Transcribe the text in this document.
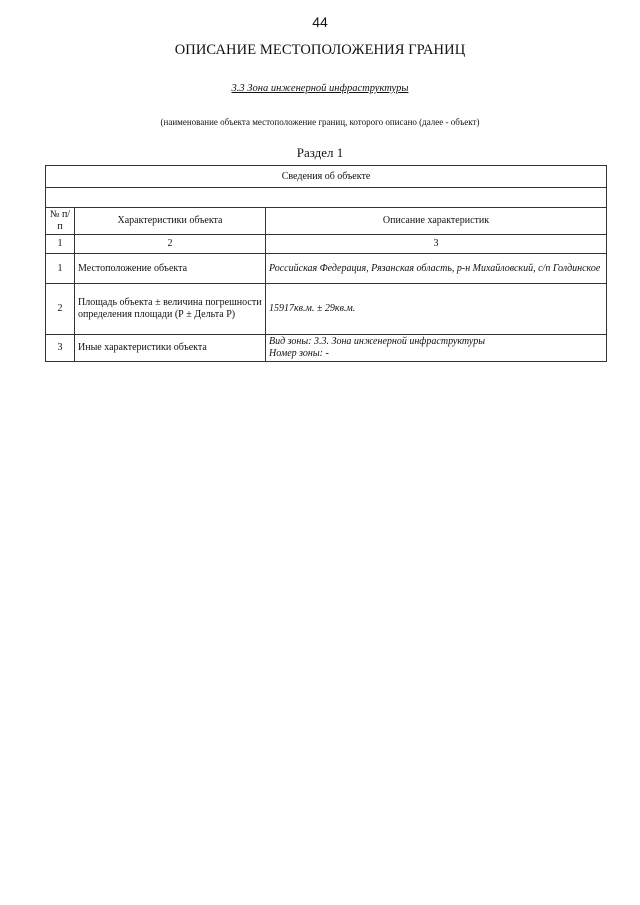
44
ОПИСАНИЕ МЕСТОПОЛОЖЕНИЯ ГРАНИЦ
3.3 Зона инженерной инфраструктуры
(наименование объекта местоположение границ, которого описано (далее - объект)
Раздел 1
Сведения об объекте		

№ п/п	Характеристики объекта	Описание характеристик
1	2	3
1	Местоположение объекта	Российская Федерация, Рязанская область, р-н Михайловский, с/п Голдинское
2	Площадь объекта ± величина погрешности определения площади (Р ± Дельта Р)	15917кв.м. ± 29кв.м.
3	Иные характеристики объекта	Вид зоны: 3.3. Зона инженерной инфраструктуры
Номер зоны: -
